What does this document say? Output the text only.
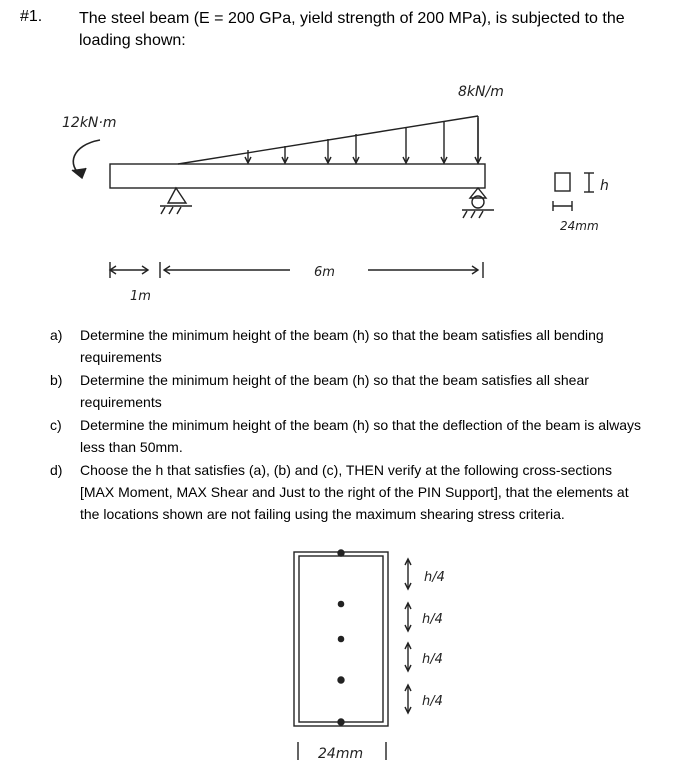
#1. The steel beam (E = 200 GPa, yield strength of 200 MPa), is subjected to the loading shown:
12kN·m
8kN/m
1m
6m
h
24mm
a) Determine the minimum height of the beam (h) so that the beam satisfies all bending requirements
b) Determine the minimum height of the beam (h) so that the beam satisfies all shear requirements
c) Determine the minimum height of the beam (h) so that the deflection of the beam is always less than 50mm.
d) Choose the h that satisfies (a), (b) and (c), THEN verify at the following cross-sections [MAX Moment, MAX Shear and Just to the right of the PIN Support], that the elements at the locations shown are not failing using the maximum shearing stress criteria.
h/4
h/4
h/4
h/4
24mm
